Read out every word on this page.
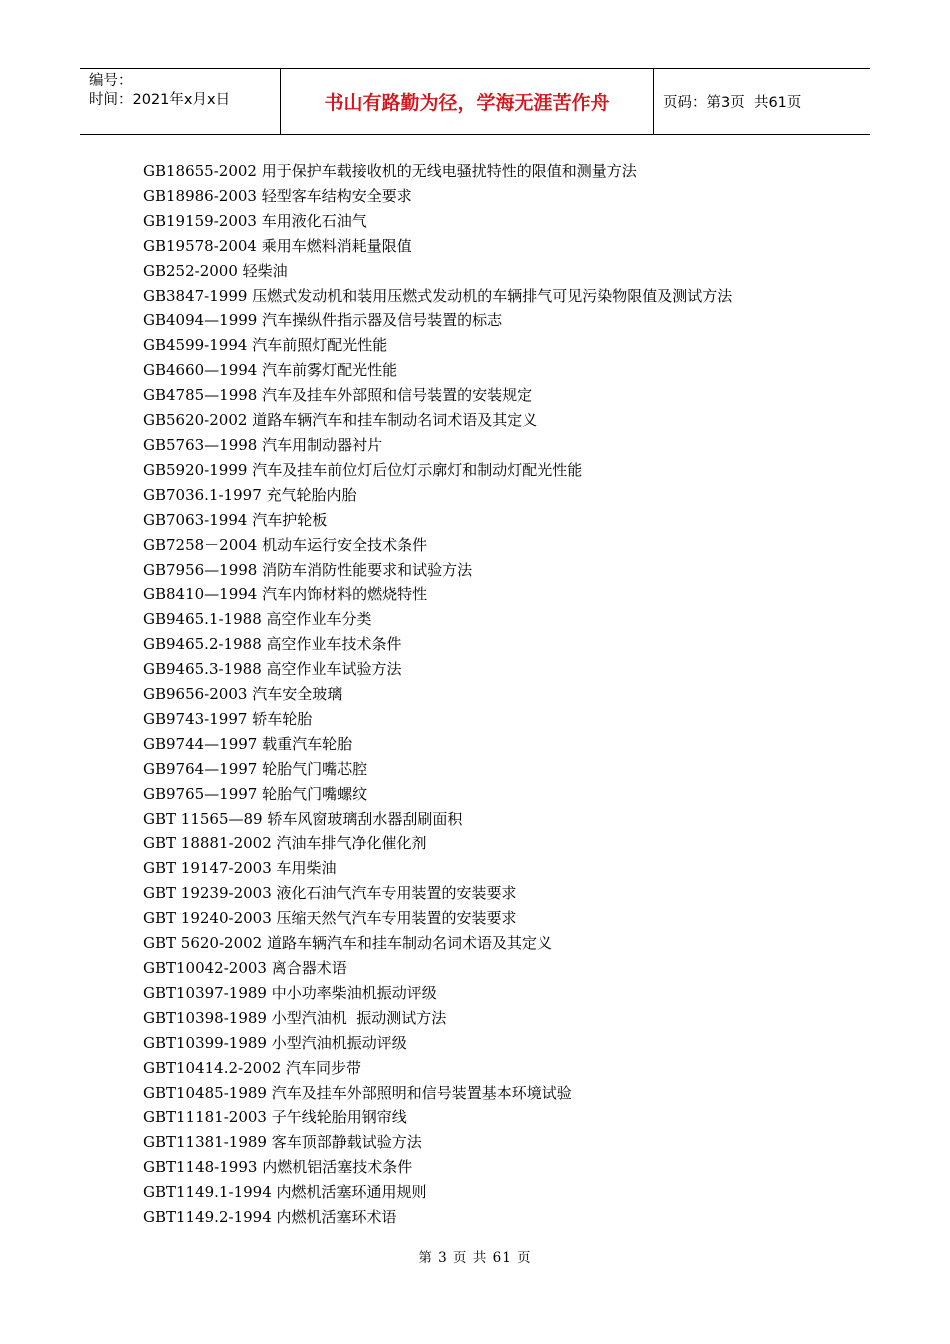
编号：
时间：2021年x月x日	书山有路勤为径，学海无涯苦作舟	页码：第3页  共61页
GB18655-2002 用于保护车载接收机的无线电骚扰特性的限值和测量方法
GB18986-2003 轻型客车结构安全要求
GB19159-2003 车用液化石油气
GB19578-2004 乘用车燃料消耗量限值
GB252-2000 轻柴油
GB3847-1999 压燃式发动机和装用压燃式发动机的车辆排气可见污染物限值及测试方法
GB4094—1999 汽车操纵件指示器及信号装置的标志
GB4599-1994 汽车前照灯配光性能
GB4660—1994 汽车前雾灯配光性能
GB4785—1998 汽车及挂车外部照和信号装置的安装规定
GB5620-2002 道路车辆汽车和挂车制动名词术语及其定义
GB5763—1998 汽车用制动器衬片
GB5920-1999 汽车及挂车前位灯后位灯示廓灯和制动灯配光性能
GB7036.1-1997 充气轮胎内胎
GB7063-1994 汽车护轮板
GB7258－2004 机动车运行安全技术条件
GB7956—1998 消防车消防性能要求和试验方法
GB8410—1994 汽车内饰材料的燃烧特性
GB9465.1-1988 高空作业车分类
GB9465.2-1988 高空作业车技术条件
GB9465.3-1988 高空作业车试验方法
GB9656-2003 汽车安全玻璃
GB9743-1997 轿车轮胎
GB9744—1997 载重汽车轮胎
GB9764—1997 轮胎气门嘴芯腔
GB9765—1997 轮胎气门嘴螺纹
GBT 11565—89 轿车风窗玻璃刮水器刮刷面积
GBT 18881-2002 汽油车排气净化催化剂
GBT 19147-2003 车用柴油
GBT 19239-2003 液化石油气汽车专用装置的安装要求
GBT 19240-2003 压缩天然气汽车专用装置的安装要求
GBT 5620-2002 道路车辆汽车和挂车制动名词术语及其定义
GBT10042-2003 离合器术语
GBT10397-1989 中小功率柴油机振动评级
GBT10398-1989 小型汽油机  振动测试方法
GBT10399-1989 小型汽油机振动评级
GBT10414.2-2002 汽车同步带
GBT10485-1989 汽车及挂车外部照明和信号装置基本环境试验
GBT11181-2003 子午线轮胎用钢帘线
GBT11381-1989 客车顶部静载试验方法
GBT1148-1993 内燃机铝活塞技术条件
GBT1149.1-1994 内燃机活塞环通用规则
GBT1149.2-1994 内燃机活塞环术语
第 3 页 共 61 页
